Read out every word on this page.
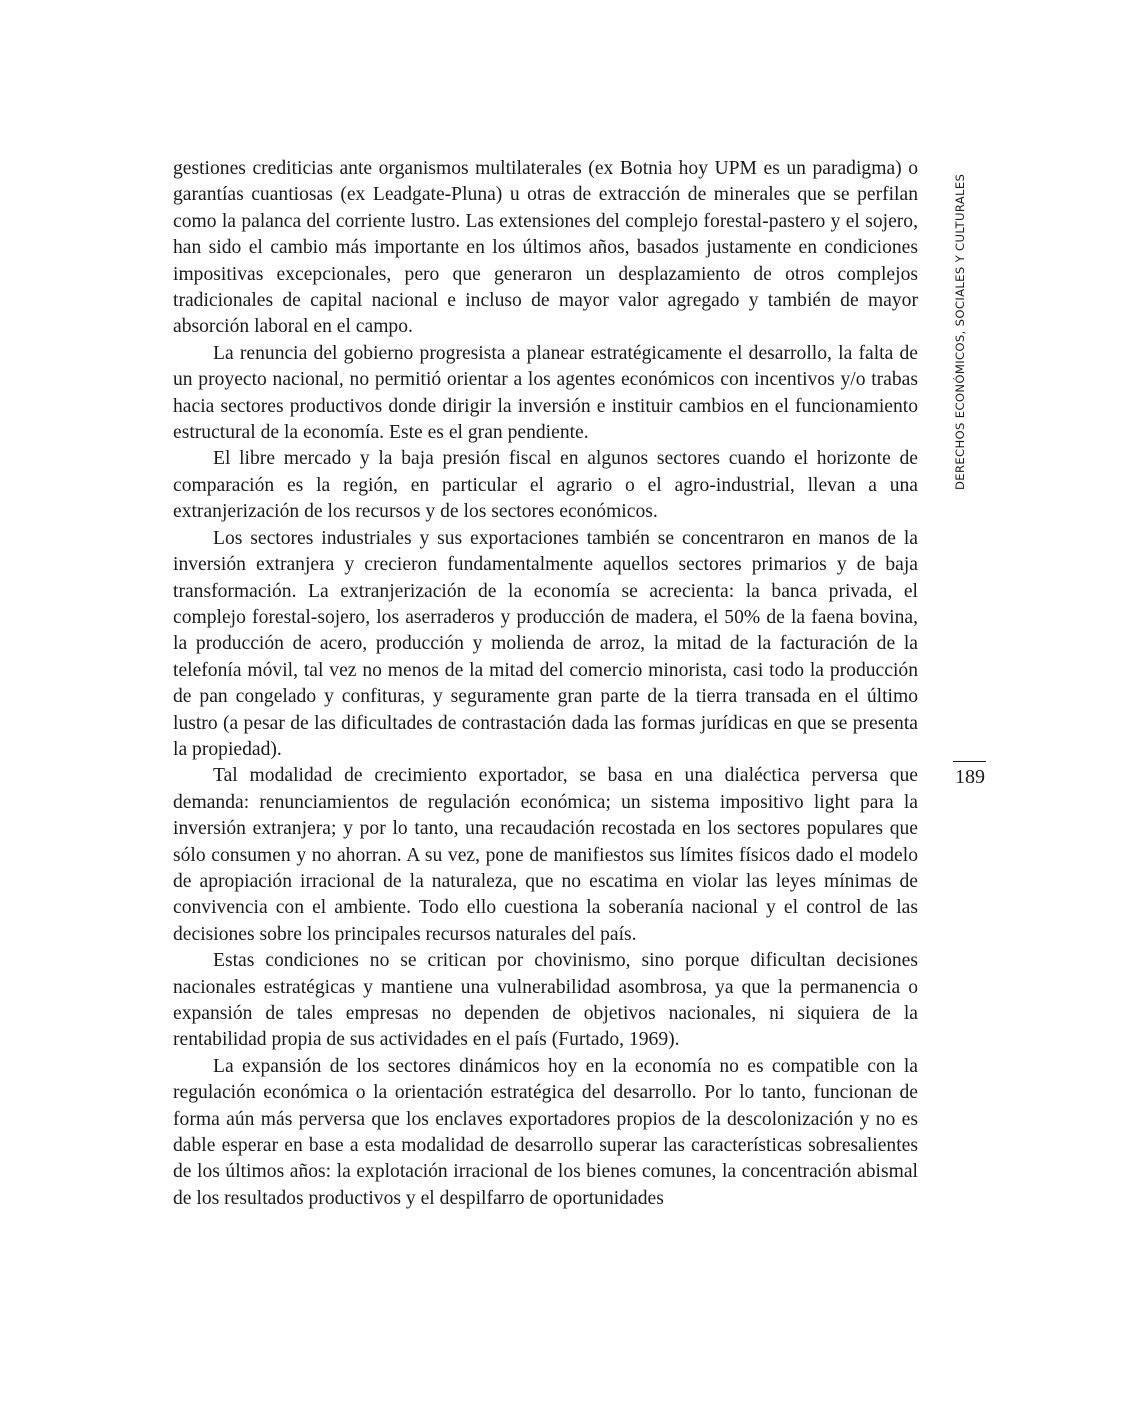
gestiones crediticias ante organismos multilaterales (ex Botnia hoy UPM es un paradigma) o garantías cuantiosas (ex Leadgate-Pluna) u otras de extracción de minerales que se perfilan como la palanca del corriente lustro. Las extensiones del complejo forestal-pastero y el sojero, han sido el cambio más importante en los últimos años, basados justamente en condiciones impositivas excepcionales, pero que generaron un desplazamiento de otros complejos tradicionales de capital nacional e incluso de mayor valor agregado y también de mayor absorción laboral en el campo.

La renuncia del gobierno progresista a planear estratégicamente el desarrollo, la falta de un proyecto nacional, no permitió orientar a los agentes económicos con incentivos y/o trabas hacia sectores productivos donde dirigir la inversión e instituir cambios en el funcionamiento estructural de la economía. Este es el gran pendiente.

El libre mercado y la baja presión fiscal en algunos sectores cuando el horizonte de comparación es la región, en particular el agrario o el agro-industrial, llevan a una extranjerización de los recursos y de los sectores económicos.

Los sectores industriales y sus exportaciones también se concentraron en manos de la inversión extranjera y crecieron fundamentalmente aquellos sectores primarios y de baja transformación. La extranjerización de la economía se acrecienta: la banca privada, el complejo forestal-sojero, los aserraderos y producción de madera, el 50% de la faena bovina, la producción de acero, producción y molienda de arroz, la mitad de la facturación de la telefonía móvil, tal vez no menos de la mitad del comercio minorista, casi todo la producción de pan congelado y confituras, y seguramente gran parte de la tierra transada en el último lustro (a pesar de las dificultades de contrastación dada las formas jurídicas en que se presenta la propiedad).

Tal modalidad de crecimiento exportador, se basa en una dialéctica perversa que demanda: renunciamientos de regulación económica; un sistema impositivo light para la inversión extranjera; y por lo tanto, una recaudación recostada en los sectores populares que sólo consumen y no ahorran. A su vez, pone de manifiestos sus límites físicos dado el modelo de apropiación irracional de la naturaleza, que no escatima en violar las leyes mínimas de convivencia con el ambiente. Todo ello cuestiona la soberanía nacional y el control de las decisiones sobre los principales recursos naturales del país.

Estas condiciones no se critican por chovinismo, sino porque dificultan decisiones nacionales estratégicas y mantiene una vulnerabilidad asombrosa, ya que la permanencia o expansión de tales empresas no dependen de objetivos nacionales, ni siquiera de la rentabilidad propia de sus actividades en el país (Furtado, 1969).

La expansión de los sectores dinámicos hoy en la economía no es compatible con la regulación económica o la orientación estratégica del desarrollo. Por lo tanto, funcionan de forma aún más perversa que los enclaves exportadores propios de la descolonización y no es dable esperar en base a esta modalidad de desarrollo superar las características sobresalientes de los últimos años: la explotación irracional de los bienes comunes, la concentración abismal de los resultados productivos y el despilfarro de oportunidades

DERECHOS ECONÓMICOS, SOCIALES Y CULTURALES
189
